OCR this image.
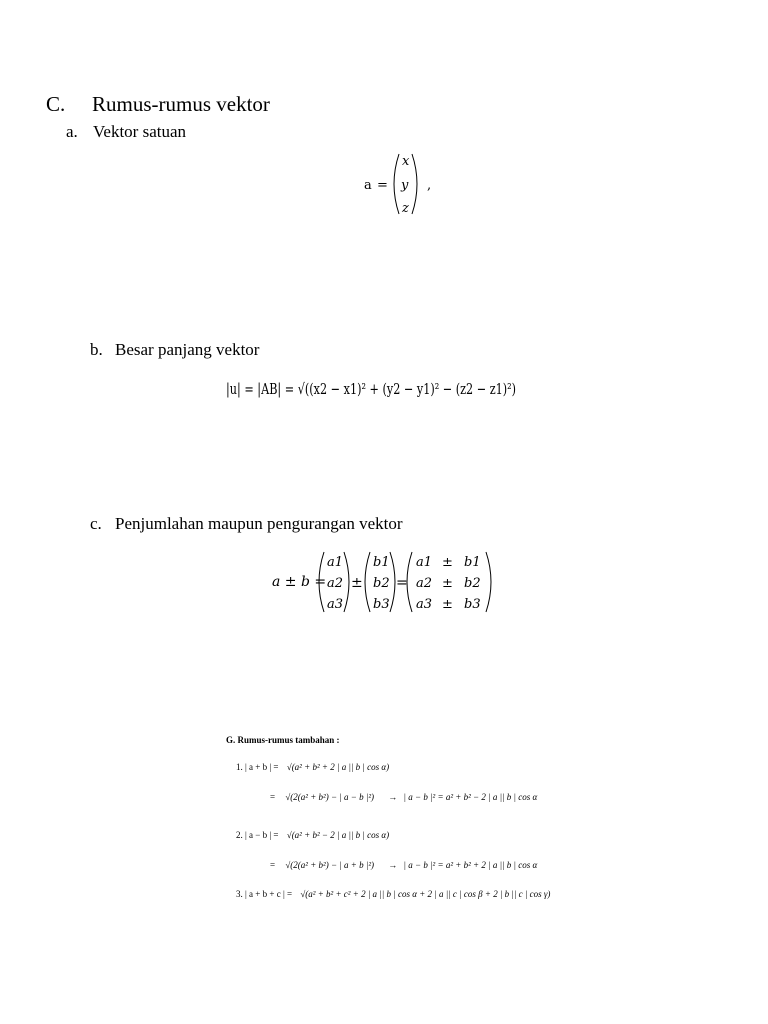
C. Rumus-rumus vektor
a. Vektor satuan
a =
x
y
z
,
b. Besar panjang vektor
|u| = |AB| = √((x2 − x1)² + (y2 − y1)² − (z2 − z1)²)
c. Penjumlahan maupun pengurangan vektor
a ± b =
a1
a2
a3
±
b1
b2
b3
=
a1 ± b1
a2 ± b2
a3 ± b3
G. Rumus-rumus tambahan :
1. | a + b | = √(a² + b² + 2 | a || b | cos α)
= √(2(a² + b²) − | a − b |²) → | a − b |² = a² + b² − 2 | a || b | cos α
2. | a − b | = √(a² + b² − 2 | a || b | cos α)
= √(2(a² + b²) − | a + b |²) → | a − b |² = a² + b² + 2 | a || b | cos α
3. | a + b + c | = √(a² + b² + c² + 2 | a || b | cos α + 2 | a || c | cos β + 2 | b || c | cos γ)
